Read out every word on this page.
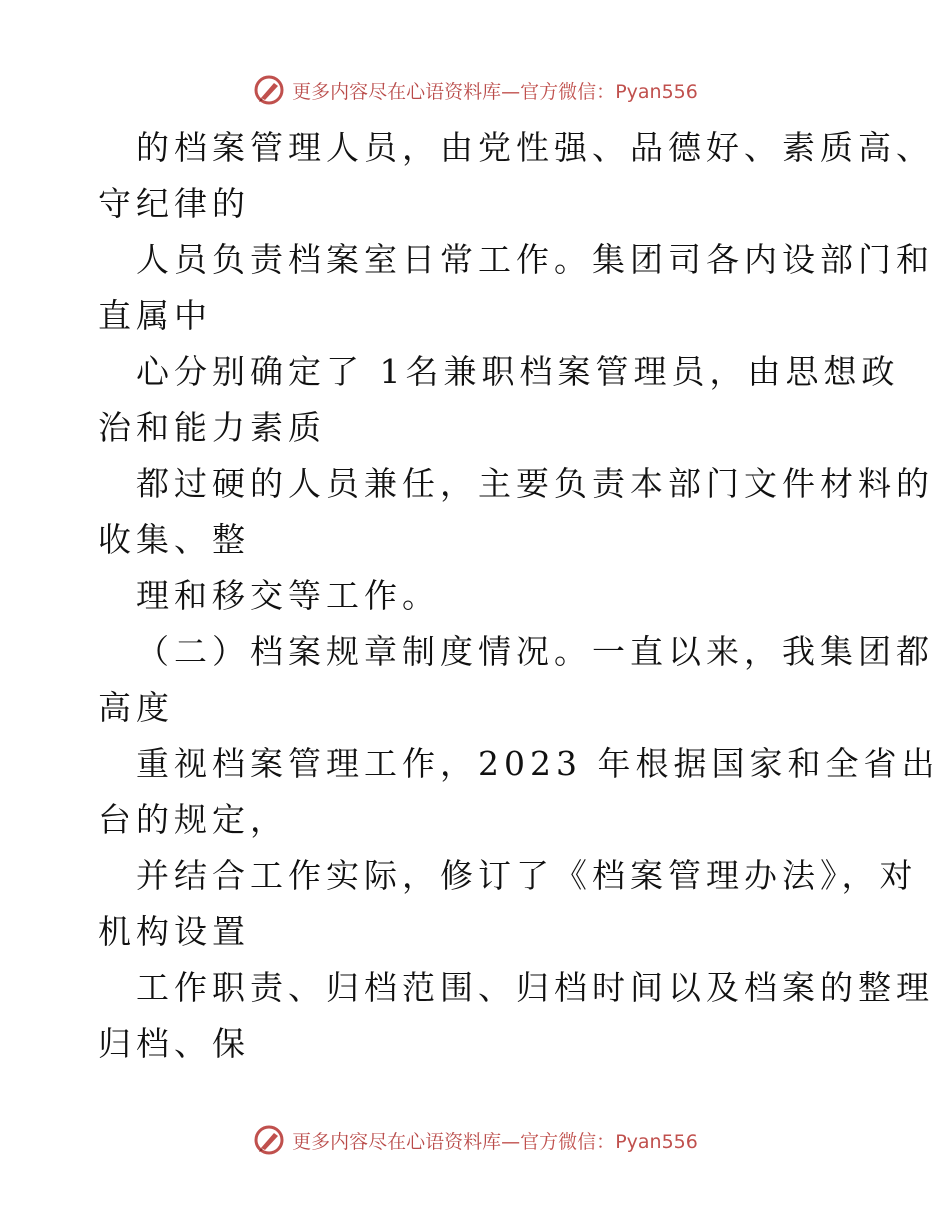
更多内容尽在心语资料库—官方微信：Pyan556
的档案管理人员，由党性强、品德好、素质高、
守纪律的
人员负责档案室日常工作。集团司各内设部门和
直属中
心分别确定了 1名兼职档案管理员，由思想政
治和能力素质
都过硬的人员兼任，主要负责本部门文件材料的
收集、整
理和移交等工作。
（二）档案规章制度情况。一直以来，我集团都
高度
重视档案管理工作，2023 年根据国家和全省出
台的规定，
并结合工作实际，修订了《档案管理办法》，对
机构设置
工作职责、归档范围、归档时间以及档案的整理
归档、保
更多内容尽在心语资料库—官方微信：Pyan556
